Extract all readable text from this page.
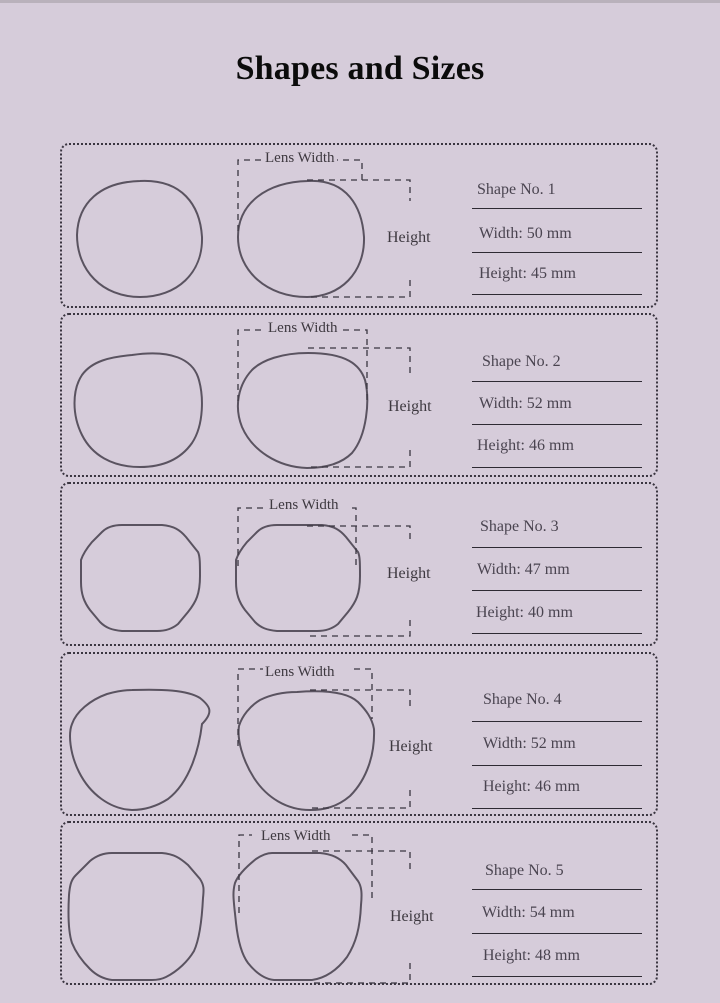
Shapes and Sizes
Lens Width
Height
Shape No. 1
Width: 50 mm
Height: 45 mm
Lens Width
Height
Shape No. 2
Width: 52 mm
Height: 46 mm
Lens Width
Height
Shape No. 3
Width: 47 mm
Height: 40 mm
Lens Width
Height
Shape No. 4
Width: 52 mm
Height: 46 mm
Lens Width
Height
Shape No. 5
Width: 54 mm
Height: 48 mm
